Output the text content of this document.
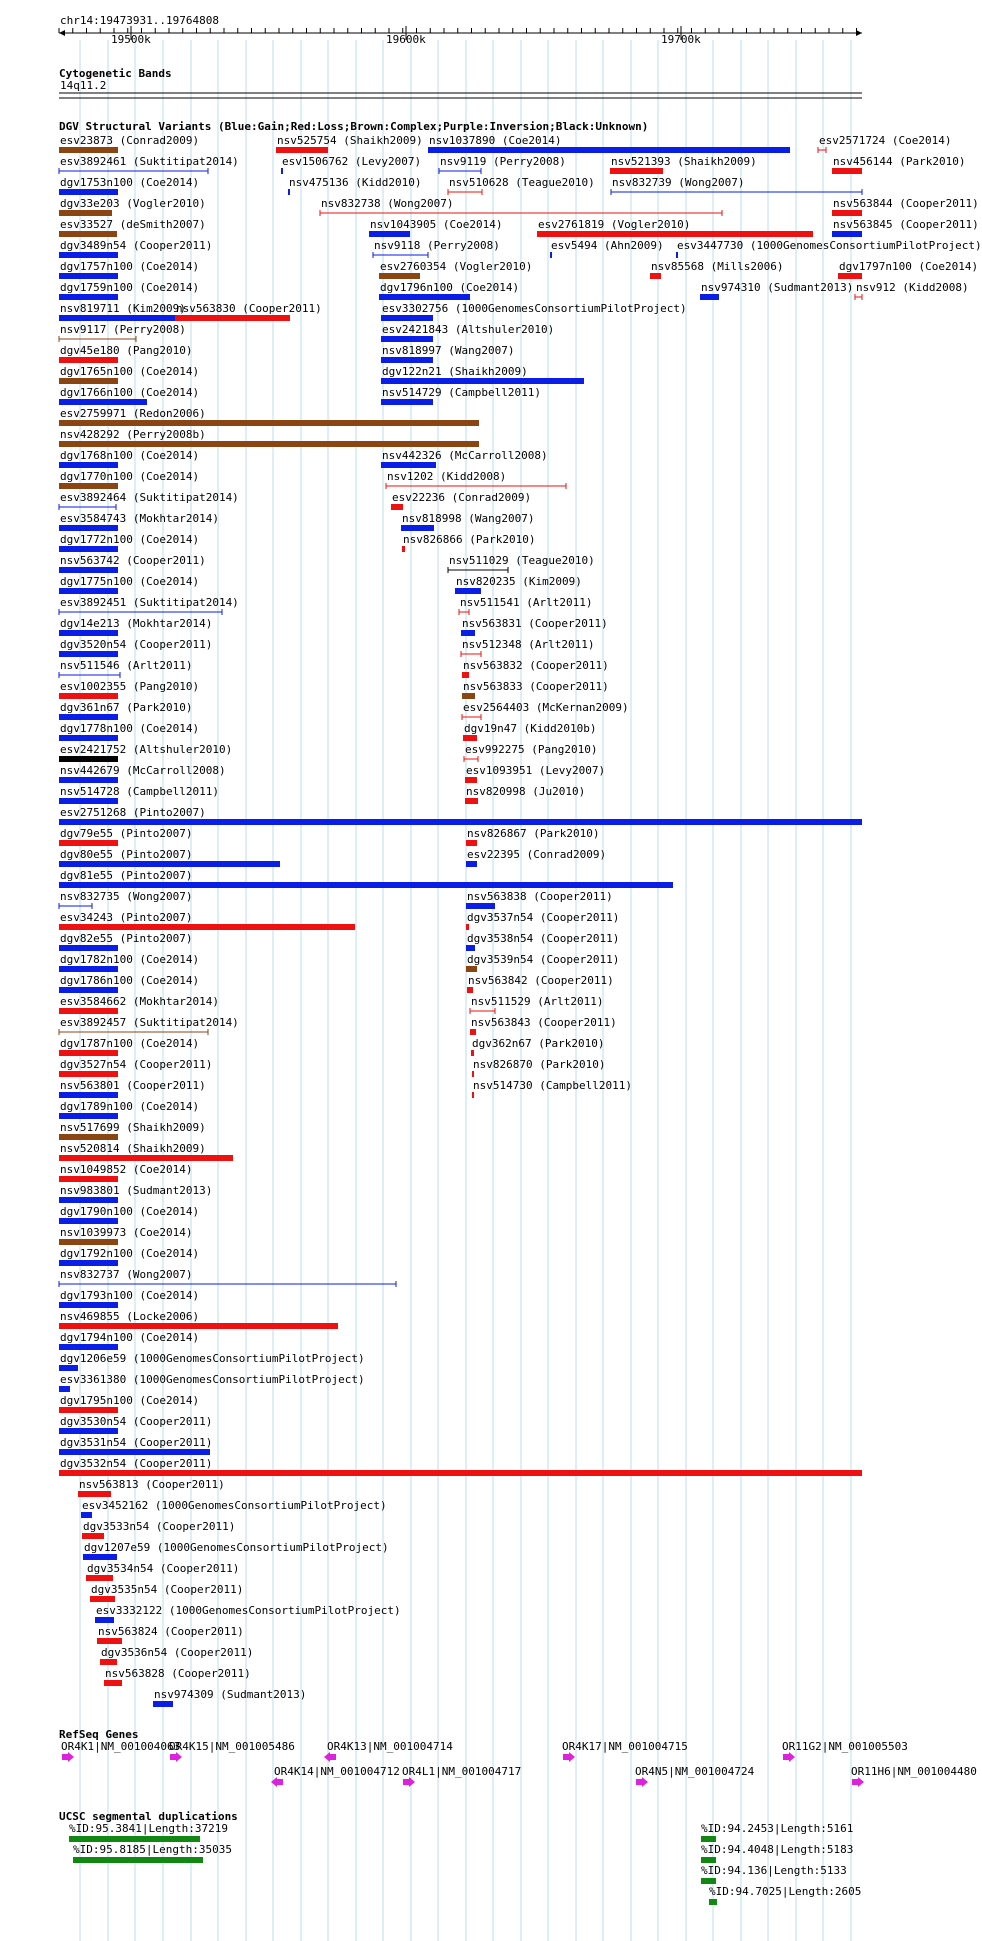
chr14:19473931..19764808
19500k	19600k	19700k
Cytogenetic Bands
14q11.2
DGV Structural Variants (Blue:Gain;Red:Loss;Brown:Complex;Purple:Inversion;Black:Unknown)
esv23873 (Conrad2009)	nsv525754 (Shaikh2009) nsv1037890 (Coe2014)	esv2571724 (Coe2014)
esv3892461 (Suktitipat2014)	esv1506762 (Levy2007) nsv9119 (Perry2008)	nsv521393 (Shaikh2009)	nsv456144 (Park2010)
dgv1753n100 (Coe2014)	nsv475136 (Kidd2010)	nsv510628 (Teague2010) nsv832739 (Wong2007)
dgv33e203 (Vogler2010)	nsv832738 (Wong2007)	nsv563844 (Cooper2011)
esv33527 (deSmith2007)	nsv1043905 (Coe2014)	esv2761819 (Vogler2010)	nsv563845 (Cooper2011)
dgv3489n54 (Cooper2011)	nsv9118 (Perry2008)	esv5494 (Ahn2009) esv3447730 (1000GenomesConsortiumPilotProject)
dgv1757n100 (Coe2014)	esv2760354 (Vogler2010)	nsv85568 (Mills2006)	dgv1797n100 (Coe2014)
dgv1759n100 (Coe2014)	dgv1796n100 (Coe2014)	nsv974310 (Sudmant2013) nsv912 (Kidd2008)
nsv819711 (Kim2009)
nsv563830 (Cooper2011)	esv3302756 (1000GenomesConsortiumPilotProject)
nsv9117 (Perry2008)	esv2421843 (Altshuler2010)
dgv45e180 (Pang2010)	nsv818997 (Wang2007)
dgv1765n100 (Coe2014)	dgv122n21 (Shaikh2009)
dgv1766n100 (Coe2014)	nsv514729 (Campbell2011)
esv2759971 (Redon2006)
nsv428292 (Perry2008b)
dgv1768n100 (Coe2014)	nsv442326 (McCarroll2008)
dgv1770n100 (Coe2014)	nsv1202 (Kidd2008)
esv3892464 (Suktitipat2014)	esv22236 (Conrad2009)
esv3584743 (Mokhtar2014)	nsv818998 (Wang2007)
dgv1772n100 (Coe2014)	nsv826866 (Park2010)
nsv563742 (Cooper2011)	nsv511029 (Teague2010)
dgv1775n100 (Coe2014)	nsv820235 (Kim2009)
esv3892451 (Suktitipat2014)	nsv511541 (Arlt2011)
dgv14e213 (Mokhtar2014)	nsv563831 (Cooper2011)
dgv3520n54 (Cooper2011)	nsv512348 (Arlt2011)
nsv511546 (Arlt2011)	nsv563832 (Cooper2011)
esv1002355 (Pang2010)	nsv563833 (Cooper2011)
dgv361n67 (Park2010)	esv2564403 (McKernan2009)
dgv1778n100 (Coe2014)	dgv19n47 (Kidd2010b)
esv2421752 (Altshuler2010)	esv992275 (Pang2010)
nsv442679 (McCarroll2008)	esv1093951 (Levy2007)
nsv514728 (Campbell2011)	nsv820998 (Ju2010)
esv2751268 (Pinto2007)
dgv79e55 (Pinto2007)	nsv826867 (Park2010)
dgv80e55 (Pinto2007)	esv22395 (Conrad2009)
dgv81e55 (Pinto2007)
nsv832735 (Wong2007)	nsv563838 (Cooper2011)
esv34243 (Pinto2007)	dgv3537n54 (Cooper2011)
dgv82e55 (Pinto2007)	dgv3538n54 (Cooper2011)
dgv1782n100 (Coe2014)	dgv3539n54 (Cooper2011)
dgv1786n100 (Coe2014)	nsv563842 (Cooper2011)
esv3584662 (Mokhtar2014)	nsv511529 (Arlt2011)
esv3892457 (Suktitipat2014)	nsv563843 (Cooper2011)
dgv1787n100 (Coe2014)	dgv362n67 (Park2010)
dgv3527n54 (Cooper2011)	nsv826870 (Park2010)
nsv563801 (Cooper2011)	nsv514730 (Campbell2011)
dgv1789n100 (Coe2014)
nsv517699 (Shaikh2009)
nsv520814 (Shaikh2009)
nsv1049852 (Coe2014)
nsv983801 (Sudmant2013)
dgv1790n100 (Coe2014)
nsv1039973 (Coe2014)
dgv1792n100 (Coe2014)
nsv832737 (Wong2007)
dgv1793n100 (Coe2014)
nsv469855 (Locke2006)
dgv1794n100 (Coe2014)
dgv1206e59 (1000GenomesConsortiumPilotProject)
esv3361380 (1000GenomesConsortiumPilotProject)
dgv1795n100 (Coe2014)
dgv3530n54 (Cooper2011)
dgv3531n54 (Cooper2011)
dgv3532n54 (Cooper2011)
nsv563813 (Cooper2011)
esv3452162 (1000GenomesConsortiumPilotProject)
dgv3533n54 (Cooper2011)
dgv1207e59 (1000GenomesConsortiumPilotProject)
dgv3534n54 (Cooper2011)
dgv3535n54 (Cooper2011)
esv3332122 (1000GenomesConsortiumPilotProject)
nsv563824 (Cooper2011)
dgv3536n54 (Cooper2011)
nsv563828 (Cooper2011)
nsv974309 (Sudmant2013)
RefSeq Genes
OR4K1|NM_001004063
OR4K15|NM_001005486	OR4K13|NM_001004714	OR4K17|NM_001004715	OR11G2|NM_001005503
OR4K14|NM_001004712 OR4L1|NM_001004717	OR4N5|NM_001004724	OR11H6|NM_001004480
UCSC segmental duplications
%ID:95.3841|Length:37219
%ID:95.8185|Length:35035
%ID:94.2453|Length:5161
%ID:94.4048|Length:5183
%ID:94.136|Length:5133
%ID:94.7025|Length:2605
